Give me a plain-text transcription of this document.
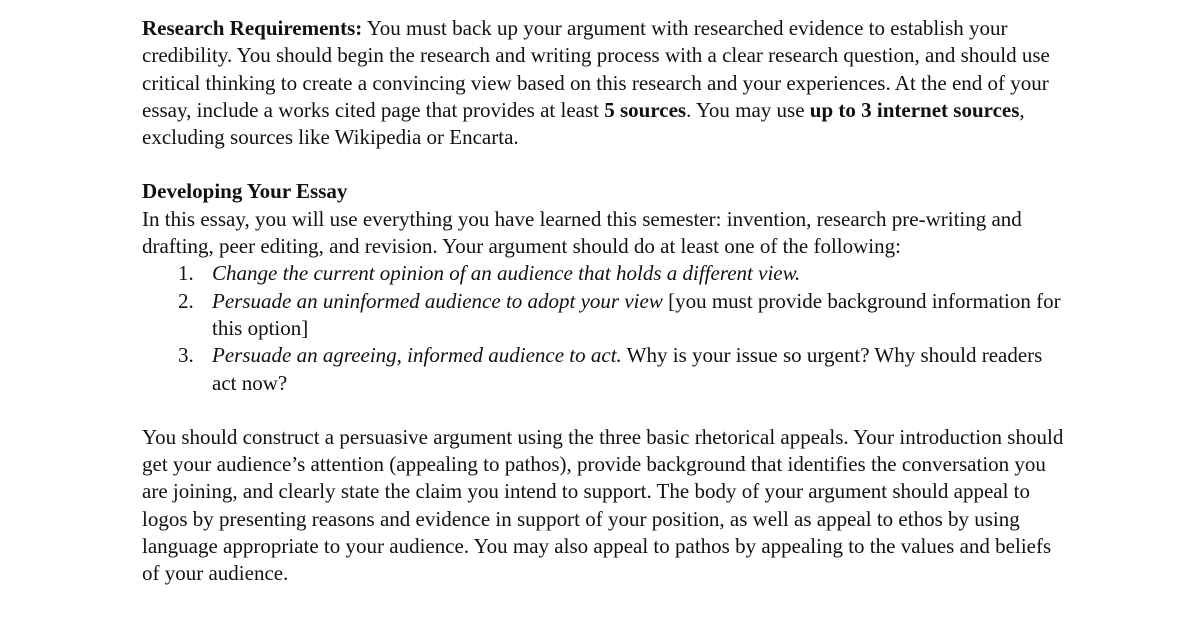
Research Requirements: You must back up your argument with researched evidence to establish your credibility. You should begin the research and writing process with a clear research question, and should use critical thinking to create a convincing view based on this research and your experiences. At the end of your essay, include a works cited page that provides at least 5 sources. You may use up to 3 internet sources, excluding sources like Wikipedia or Encarta.

Developing Your Essay

In this essay, you will use everything you have learned this semester: invention, research pre-writing and drafting, peer editing, and revision. Your argument should do at least one of the following:

1. Change the current opinion of an audience that holds a different view.
2. Persuade an uninformed audience to adopt your view [you must provide background information for this option]
3. Persuade an agreeing, informed audience to act. Why is your issue so urgent? Why should readers act now?

You should construct a persuasive argument using the three basic rhetorical appeals. Your introduction should get your audience’s attention (appealing to pathos), provide background that identifies the conversation you are joining, and clearly state the claim you intend to support. The body of your argument should appeal to logos by presenting reasons and evidence in support of your position, as well as appeal to ethos by using language appropriate to your audience. You may also appeal to pathos by appealing to the values and beliefs of your audience.
